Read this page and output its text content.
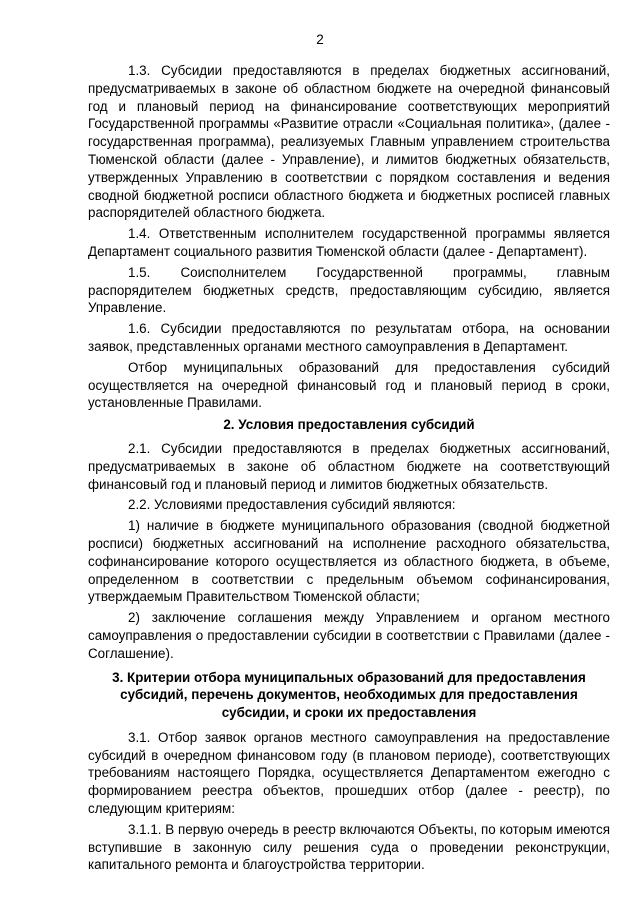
2

1.3. Субсидии предоставляются в пределах бюджетных ассигнований, предусматриваемых в законе об областном бюджете на очередной финансовый год и плановый период на финансирование соответствующих мероприятий Государственной программы «Развитие отрасли «Социальная политика», (далее - государственная программа), реализуемых Главным управлением строительства Тюменской области (далее - Управление), и лимитов бюджетных обязательств, утвержденных Управлению в соответствии с порядком составления и ведения сводной бюджетной росписи областного бюджета и бюджетных росписей главных распорядителей областного бюджета.

1.4. Ответственным исполнителем государственной программы является Департамент социального развития Тюменской области (далее - Департамент).

1.5. Соисполнителем Государственной программы, главным распорядителем бюджетных средств, предоставляющим субсидию, является Управление.

1.6. Субсидии предоставляются по результатам отбора, на основании заявок, представленных органами местного самоуправления в Департамент.

Отбор муниципальных образований для предоставления субсидий осуществляется на очередной финансовый год и плановый период в сроки, установленные Правилами.

2. Условия предоставления субсидий

2.1. Субсидии предоставляются в пределах бюджетных ассигнований, предусматриваемых в законе об областном бюджете на соответствующий финансовый год и плановый период и лимитов бюджетных обязательств.

2.2. Условиями предоставления субсидий являются:

1) наличие в бюджете муниципального образования (сводной бюджетной росписи) бюджетных ассигнований на исполнение расходного обязательства, софинансирование которого осуществляется из областного бюджета, в объеме, определенном в соответствии с предельным объемом софинансирования, утверждаемым Правительством Тюменской области;

2) заключение соглашения между Управлением и органом местного самоуправления о предоставлении субсидии в соответствии с Правилами (далее - Соглашение).

3. Критерии отбора муниципальных образований для предоставления
субсидий, перечень документов, необходимых для предоставления
субсидии, и сроки их предоставления

3.1. Отбор заявок органов местного самоуправления на предоставление субсидий в очередном финансовом году (в плановом периоде), соответствующих требованиям настоящего Порядка, осуществляется Департаментом ежегодно с формированием реестра объектов, прошедших отбор (далее - реестр), по следующим критериям:

3.1.1. В первую очередь в реестр включаются Объекты, по которым имеются вступившие в законную силу решения суда о проведении реконструкции, капитального ремонта и благоустройства территории.
